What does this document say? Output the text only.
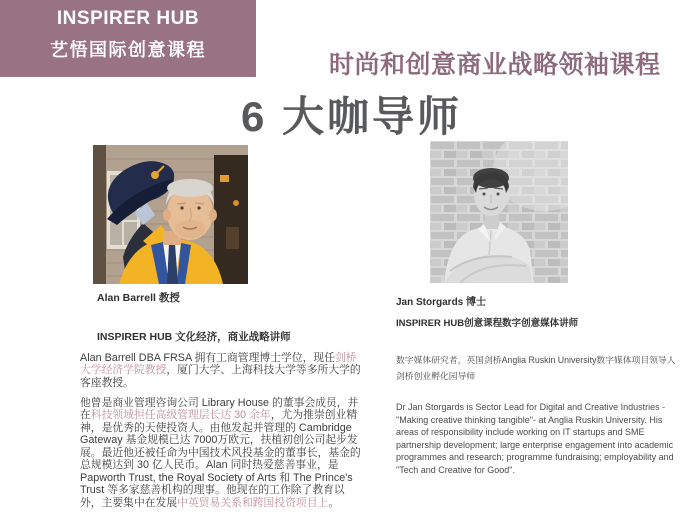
INSPIRER HUB
艺悟国际创意课程
时尚和创意商业战略领袖课程
6 大咖导师
Alan Barrell 教授
INSPIRER HUB 文化经济，商业战略讲师
Alan Barrell DBA FRSA 拥有工商管理博士学位，现任剑桥大学经济学院教授，厦门大学、上海科技大学等多所大学的客座教授。
他曾是商业管理咨询公司 Library House 的董事会成员，并在科技领域担任高级管理层长达 30 余年，尤为推崇创业精神，是优秀的天使投资人。由他发起并管理的 Cambridge Gateway 基金规模已达 7000万欧元，扶植初创公司起步发展。最近他还被任命为中国技术风投基金的董事长，基金的总规模达到 30 亿人民币。Alan 同时热爱慈善事业，是 Papworth Trust, the Royal Society of Arts 和 The Prince's Trust 等多家慈善机构的理事。他现在的工作除了教育以外，主要集中在发展中英贸易关系和跨国投资项目上。
Jan Storgards 博士
INSPIRER HUB创意课程数字创意媒体讲师
数字媒体研究者，英国剑桥Anglia Ruskin University数字媒体项目领导人
剑桥创业孵化园导师
Dr Jan Storgards is Sector Lead for Digital and Creative Industries - "Making creative thinking tangible"- at Anglia Ruskin University. His areas of responsibility include working on IT startups and SME partnership development; large enterprise engagement into academic programmes and research; programme fundraising; employability and "Tech and Creative for Good".
